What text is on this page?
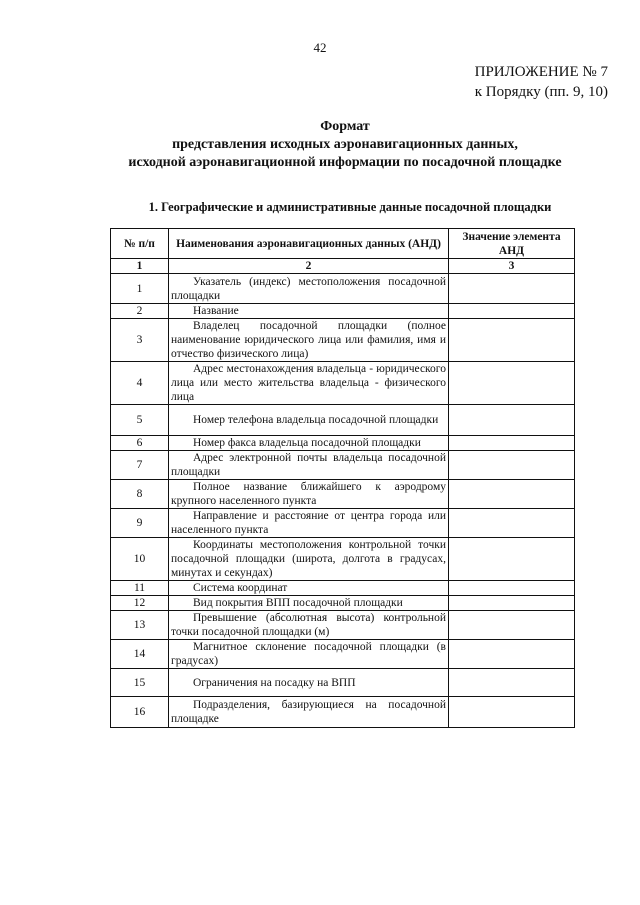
42
ПРИЛОЖЕНИЕ № 7
к Порядку (пп. 9, 10)
Формат
представления исходных аэронавигационных данных,
исходной аэронавигационной информации по посадочной площадке
1. Географические и административные данные посадочной площадки
№ п/п	Наименования аэронавигационных данных (АНД)	Значение элемента АНД
1	2	3
1	Указатель (индекс) местоположения посадочной площадки	

2	Название	

3	Владелец посадочной площадки (полное наименование юридического лица или фамилия, имя и отчество физического лица)	

4	Адрес местонахождения владельца - юридического лица или место жительства владельца - физического лица	

5	Номер телефона владельца посадочной площадки	

6	Номер факса владельца посадочной площадки	

7	Адрес электронной почты владельца посадочной площадки	

8	Полное название ближайшего к аэродрому крупного населенного пункта	

9	Направление и расстояние от центра города или населенного пункта	

10	Координаты местоположения контрольной точки посадочной площадки (широта, долгота в градусах, минутах и секундах)	

11	Система координат	

12	Вид покрытия ВПП посадочной площадки	

13	Превышение (абсолютная высота) контрольной точки посадочной площадки (м)	

14	Магнитное склонение посадочной площадки (в градусах)	

15	Ограничения на посадку на ВПП	

16	Подразделения, базирующиеся на посадочной площадке	
